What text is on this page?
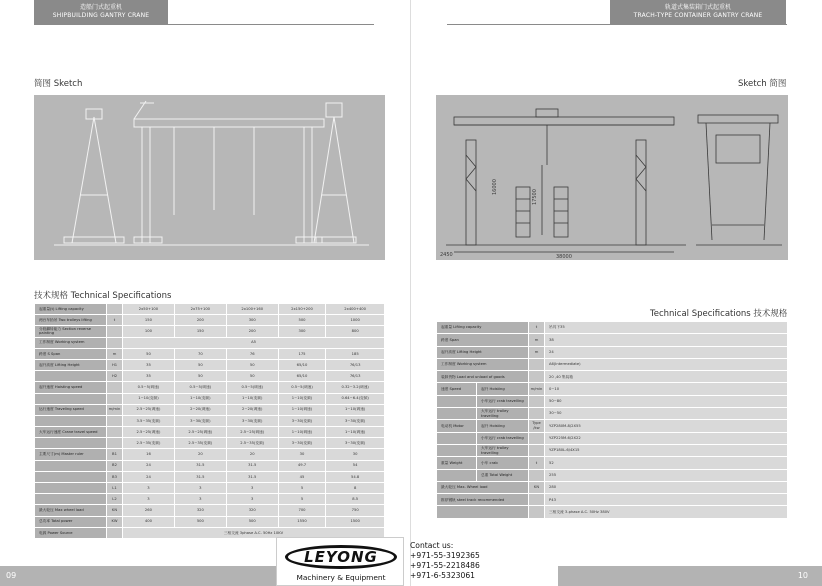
造船门式起重机
SHIPBUILDING GANTRY CRANE
简图 Sketch
技术规格 Technical Specifications
起重量(t) Lifting capacity		2x50+100	2x75+100	2x100+160	2x150+200	2x400+400
两台车抬吊 Two trolleys lifting	t	150	200	300	500	1000
分段翻转能力 Section reverse painting		100	150	200	300	800
工作制度 Working system		A5				
跨度 S Span	m	50	70	76	175	185
起升高度 Lifting Height	H1	35	50	50	65/10	76/13
	H2	35	50	50	65/10	76/13
起升速度 Hoisting speed		0.5~5(调速)	0.5~5(调速)	0.5~5(调速)	0.5~5(调速)	0.32~3.2(调速)
		1~10(变频)	1~10(变频)	1~10(变频)	1~10(变频)	0.64~6.4(变频)
运行速度 Traveling speed	m/min	2.5~25(调速)	2~20(调速)	2~20(调速)	1~10(调速)	1~10(调速)
		3.5~35(变频)	3~30(变频)	3~30(变频)	3~30(变频)	3~30(变频)
大车运行速度 Crane travel speed		2.5~25(调速)	2.5~25(调速)	2.5~25(调速)	1~10(调速)	1~10(调速)
		2.5~35(变频)	2.5~35(变频)	2.5~35(变频)	3~30(变频)	3~30(变频)
主要尺寸(m) Master ruler	B1	16	20	20	30	30
	B2	24	31.5	31.5	49.7	54
	B3	24	31.5	31.5	45	54.8
	L1	3	3	3	5	8
	L2	3	3	3	5	8.5
最大轮压 Max wheel load	KN	260	320	320	700	750
总功率 Total power	KW	400	500	500	1550	1500
电源 Power Source		三相交流 3phase A.C. 50Hz 10KV				
09
轨道式集装箱门式起重机
TRACH-TYPE CONTAINER GANTRY CRANE
Sketch 简图
2450	38000
17500
16000
Technical Specifications 技术规格
起重量 Lifting capacity		t	吊具下35
跨度 Span		m	38
起升高度 Lifting Height		m	24
工作制度 Working system			A6(Intermediate)
装卸货物 Load and unload of goods			20 ,40 集装箱
速度 Speed	起升 Hoisting	m/min	0~10
	小车运行 crab travelling		50~80
	大车运行 trolley travelling		30~50
电动机 Motor	起升 Hoisting	Type /kw	YZP280M-8/2X55
	小车运行 crab travelling		YZP225M-6/2X22
	大车运行 trolley travelling		YZP180L-6/4X15
重量 Weight	小车 crab	t	52
	总重 Total Weight		255
最大轮压 Max. Wheel load		KN	280
推荐钢轨 steel track recommended			P43
			三相交流 3-phase A.C. 50Hz 380V
10
LEYONG
Machinery & Equipment
Contact us:
+971-55-3192365
+971-55-2218486
+971-6-5323061
